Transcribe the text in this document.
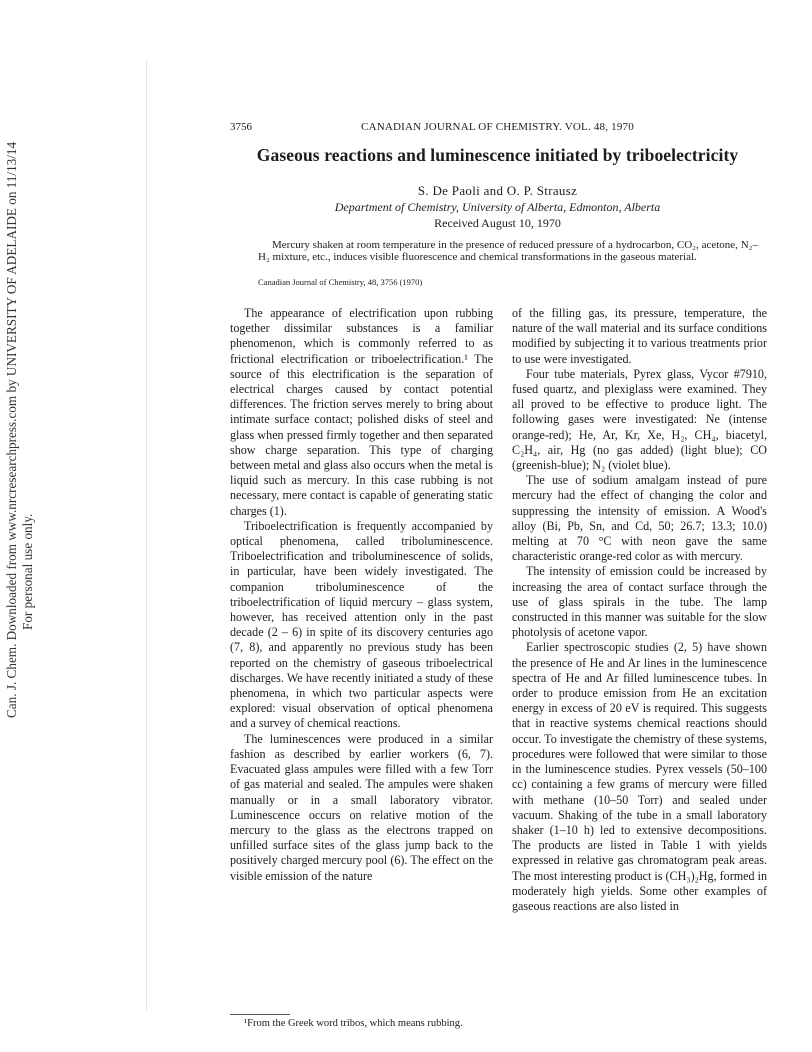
Can. J. Chem. Downloaded from www.nrcresearchpress.com by UNIVERSITY OF ADELAIDE on 11/13/14 For personal use only.
3756	CANADIAN JOURNAL OF CHEMISTRY. VOL. 48, 1970
Gaseous reactions and luminescence initiated by triboelectricity
S. De Paoli and O. P. Strausz
Department of Chemistry, University of Alberta, Edmonton, Alberta
Received August 10, 1970
Mercury shaken at room temperature in the presence of reduced pressure of a hydrocarbon, CO₂, acetone, N₂–H₂ mixture, etc., induces visible fluorescence and chemical transformations in the gaseous material.
Canadian Journal of Chemistry, 48, 3756 (1970)

The appearance of electrification upon rubbing together dissimilar substances is a familiar phenomenon, which is commonly referred to as frictional electrification or triboelectrification.¹ The source of this electrification is the separation of electrical charges caused by contact potential differences. The friction serves merely to bring about intimate surface contact; polished disks of steel and glass when pressed firmly together and then separated show charge separation. This type of charging between metal and glass also occurs when the metal is liquid such as mercury. In this case rubbing is not necessary, mere contact is capable of generating static charges (1).

Triboelectrification is frequently accompanied by optical phenomena, called triboluminescence. Triboelectrification and triboluminescence of solids, in particular, have been widely investigated. The companion triboluminescence of the triboelectrification of liquid mercury – glass system, however, has received attention only in the past decade (2 – 6) in spite of its discovery centuries ago (7, 8), and apparently no previous study has been reported on the chemistry of gaseous triboelectrical discharges. We have recently initiated a study of these phenomena, in which two particular aspects were explored: visual observation of optical phenomena and a survey of chemical reactions.

The luminescences were produced in a similar fashion as described by earlier workers (6, 7). Evacuated glass ampules were filled with a few Torr of gas material and sealed. The ampules were shaken manually or in a small laboratory vibrator. Luminescence occurs on relative motion of the mercury to the glass as the electrons trapped on unfilled surface sites of the glass jump back to the positively charged mercury pool (6). The effect on the visible emission of the nature

of the filling gas, its pressure, temperature, the nature of the wall material and its surface conditions modified by subjecting it to various treatments prior to use were investigated.

Four tube materials, Pyrex glass, Vycor #7910, fused quartz, and plexiglass were examined. They all proved to be effective to produce light. The following gases were investigated: Ne (intense orange-red); He, Ar, Kr, Xe, H₂, CH₄, biacetyl, C₂H₄, air, Hg (no gas added) (light blue); CO (greenish-blue); N₂ (violet blue).

The use of sodium amalgam instead of pure mercury had the effect of changing the color and suppressing the intensity of emission. A Wood's alloy (Bi, Pb, Sn, and Cd, 50; 26.7; 13.3; 10.0) melting at 70 °C with neon gave the same characteristic orange-red color as with mercury.

The intensity of emission could be increased by increasing the area of contact surface through the use of glass spirals in the tube. The lamp constructed in this manner was suitable for the slow photolysis of acetone vapor.

Earlier spectroscopic studies (2, 5) have shown the presence of He and Ar lines in the luminescence spectra of He and Ar filled luminescence tubes. In order to produce emission from He an excitation energy in excess of 20 eV is required. This suggests that in reactive systems chemical reactions should occur. To investigate the chemistry of these systems, procedures were followed that were similar to those in the luminescence studies. Pyrex vessels (50–100 cc) containing a few grams of mercury were filled with methane (10–50 Torr) and sealed under vacuum. Shaking of the tube in a small laboratory shaker (1–10 h) led to extensive decompositions. The products are listed in Table 1 with yields expressed in relative gas chromatogram peak areas. The most interesting product is (CH₃)₂Hg, formed in moderately high yields. Some other examples of gaseous reactions are also listed in

¹From the Greek word tribos, which means rubbing.
